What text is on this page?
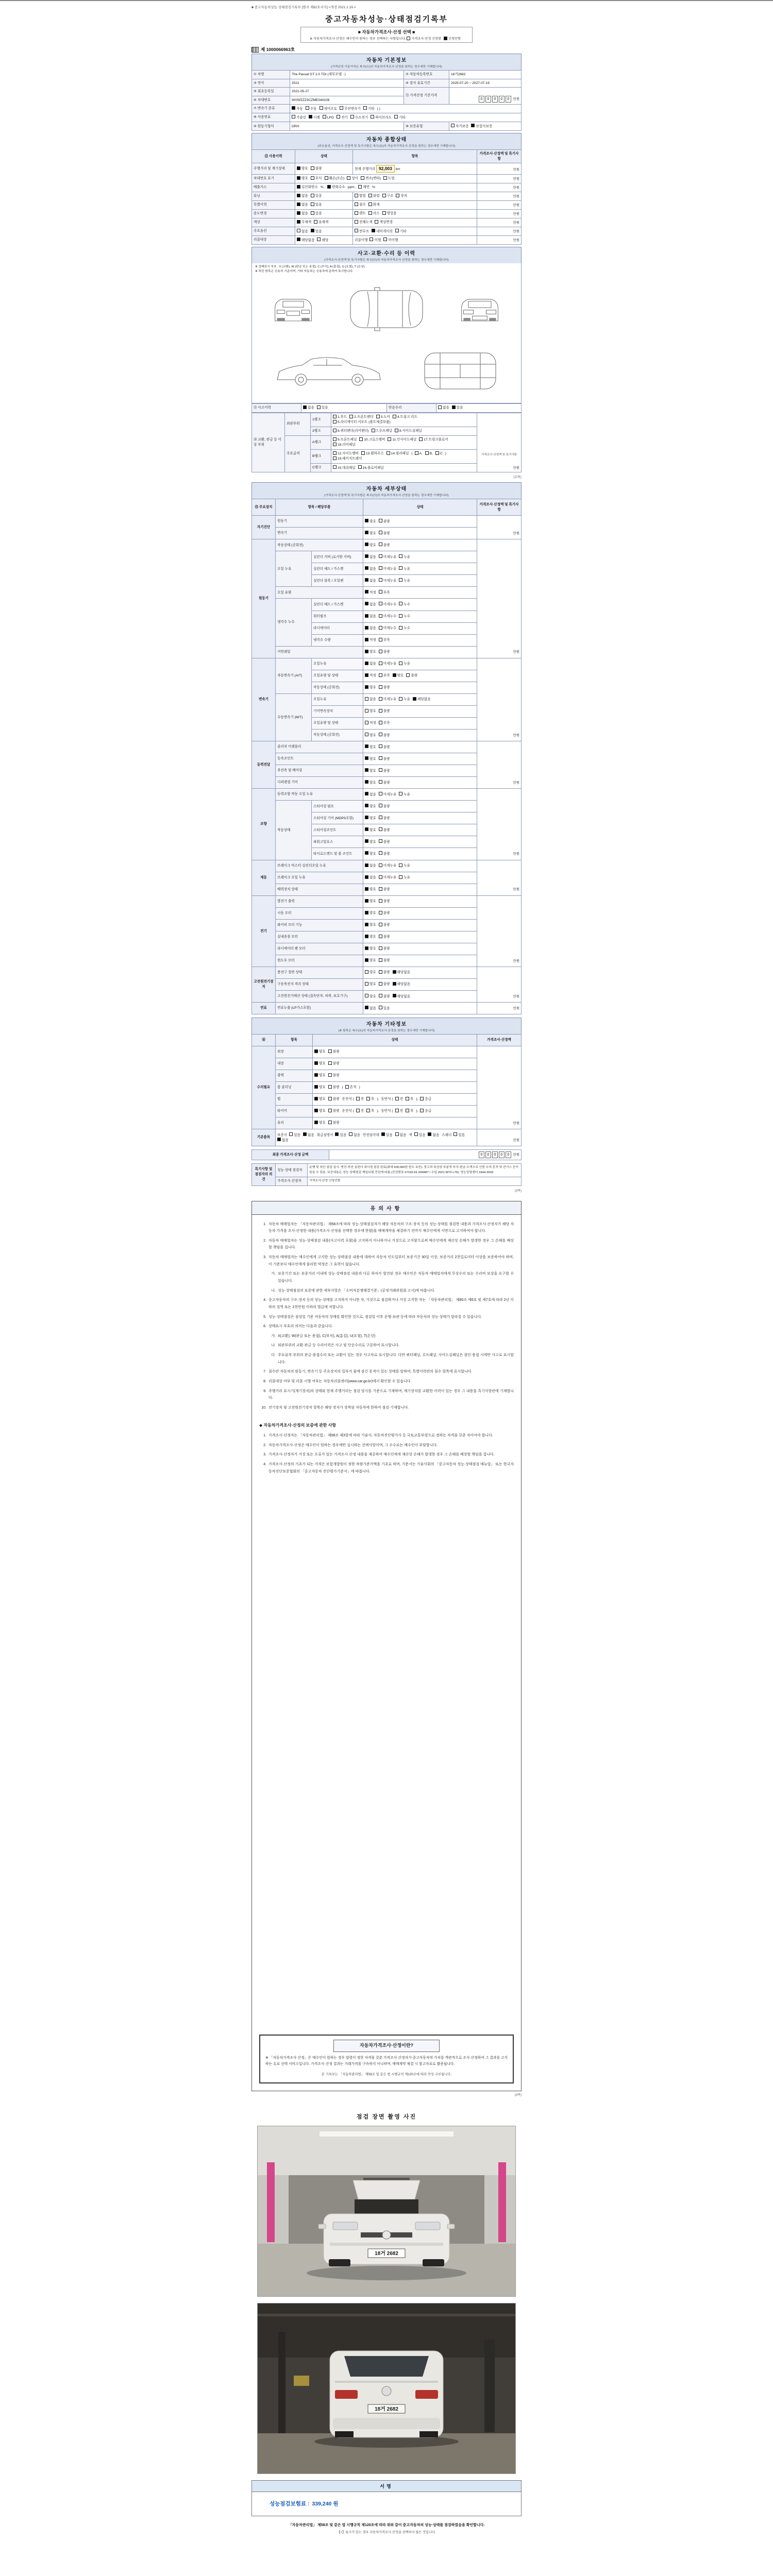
■ 중고자동차성능·상태점검기록부 [별지 제82호서식] <개정 2021.1.19.>
중고자동차성능·상태점검기록부
■ 자동차가격조사·산정 선택 ■
※ 자동차가격조사·산정은 매수인이 원하는 경우 선택하는 사항입니다. 가격조사·산정 신청함 신청안함
제 1000066963호
자동차 기본정보
(가격산정 기준가격은 복수(⑪)의 자동차가격조사·산정을 원하는 경우에만 기재합니다)
① 차명	The Passat GT 2.0 TDI (세부모델 : )	② 자동차등록번호	18거2682
③ 연식	2021	④ 검사 유효기간	2025-07-20 ~ 2027-07-19
⑤ 최초등록일	2021-05-27	⑪ 가격산정 기준가격	0 0 0 0 0 만원
⑥ 차대번호	WVWZZZ3CZME044108		
⑦ 변속기 종류	자동 수동 세미오토 무단변속기 기타 ( )		
⑧ 사용연료	가솔린 디젤 LPG 전기 수소전기 하이브리드 기타		
⑨ 원동기형식	DRH	⑩ 보증유형	자가보증 보험사보증
자동차 종합상태
(주요옵션, 가격조사·산정액 및 특기사항은 복수(⑫)의 자동차가격조사·산정을 원하는 경우에만 기재합니다)
⑫ 사용이력	상태	항목	가격조사·산정액 및 특기사항
주행거리 및 계기상태	양호 불량	현재 주행거리 92,003 km	만원
차대번호 표기	양호 부식 훼손(오손) 상이 변조(변타) 도말		만원
배출가스	일산화탄소 % , 탄화수소 ppm , 매연 %		만원
튜닝	없음 있음	합법 불법 구조 장치	만원
특별이력	없음 있음	침수 화재	만원
용도변경	없음 있음	렌트 리스 영업용	만원
색상	무채색 유채색	전체도색 색상변경	만원
주요옵션	없음 있음	썬루프 네비게이션 기타	만원
리콜대상	해당없음 해당	리콜이행 이행 미이행	만원
사고·교환·수리 등 이력
(가격조사·산정액 및 특기사항은 복수(⑭)의 자동차가격조사·산정을 원하는 경우에만 기재합니다)
※ 상태표시 부호 : X (교환), W (판금 또는 용접), C (부식), A (흠집), U (요철), T (손상)
※ 하단 항목은 승용차 기준이며, 기타 자동차는 승용차에 준하여 표시합니다.
⑬ 사고이력	없음 있음	단순수리	없음 있음
⑭ 교환, 판금 등 이상 부위	외판부위	1랭크	1.후드 2.프론트펜더 3.도어 4.트렁크 리드5.라디에이터 서포트 (볼트체결부품)	가격조사·산정액 및 특기사항
만원
		2랭크	6.쿼터펜더(리어펜더) 7.루프패널 8.사이드실패널	
	주요골격	A랭크	9.프론트패널 10.크로스멤버 11.인사이드패널 17.트렁크플로어18.리어패널	
		B랭크	12.사이드멤버 13.휠하우스 14.필러패널 ( A, B, C )19.패키지트레이	
		C랭크	15.대쉬패널 16.플로어패널	
(뒤쪽)
자동차 세부상태
(가격조사·산정액 및 특기사항은 복수(⑮)의 자동차가격조사·산정을 원하는 경우에만 기재합니다)
⑮ 주요장치	항목 / 해당부품		상태	가격조사·산정액 및 특기사항
자기진단	원동기		양호 불량	만원
	변속기		양호 불량	
원동기	작동상태 (공회전)		양호 불량	만원
	오일 누유	실린더 커버 (로커암 커버)	없음 미세누유 누유	
		실린더 헤드 / 가스켓	없음 미세누유 누유	
		실린더 블록 / 오일팬	없음 미세누유 누유	
	오일 유량		적정 부족	
	냉각수 누수	실린더 헤드 / 가스켓	없음 미세누수 누수	
		워터펌프	없음 미세누수 누수	
		라디에이터	없음 미세누수 누수	
		냉각수 수량	적정 부족	
	커먼레일		양호 불량	
변속기	자동변속기 (A/T)	오일누유	없음 미세누유 누유	만원
		오일유량 및 상태	적정 부족 양호 불량	
		작동상태 (공회전)	양호 불량	
	수동변속기 (M/T)	오일누유	없음 미세누유 누유 해당없음	
		기어변속장치	양호 불량	
		오일유량 및 상태	적정 부족	
		작동상태 (공회전)	양호 불량	
동력전달	클러치 어셈블리		양호 불량	만원
	등속조인트		양호 불량	
	추진축 및 베어링		양호 불량	
	디퍼렌셜 기어		양호 불량	
조향	동력조향 작동 오일 누유		없음 미세누유 누유	만원
	작동상태	스티어링 펌프	양호 불량	
		스티어링 기어 (MDPS포함)	양호 불량	
		스티어링조인트	양호 불량	
		파워고압호스	양호 불량	
		타이로드엔드 및 볼 조인트	양호 불량	
제동	브레이크 마스터 실린더오일 누유		없음 미세누유 누유	만원
	브레이크 오일 누유		없음 미세누유 누유	
	배력장치 상태		양호 불량	
전기	발전기 출력		양호 불량	만원
	시동 모터		양호 불량	
	와이퍼 모터 기능		양호 불량	
	실내송풍 모터		양호 불량	
	라디에이터 팬 모터		양호 불량	
	윈도우 모터		양호 불량	
고전원전기장치	충전구 절연 상태		양호 불량 해당없음	만원
	구동축전지 격리 상태		양호 불량 해당없음	
	고전원전기배선 상태 (접속단자, 피복, 보호기구)		양호 불량 해당없음	
연료	연료누출 (LP가스포함)		없음 있음	만원
자동차 기타정보
(※ 항목은 복수(⑯)의 자동차가격조사·산정을 원하는 경우에만 기재합니다)
⑯	항목	상태	가격조사·산정액
수리필요	외장	양호 불량	만원
	내장	양호 불량	
	광택	양호 불량	
	룸 클리닝	양호 불량 ( 흔적 )	
	휠	양호 불량 운전석 ( 전 후 ), 동반석 ( 전 후 ), 응급	
	타이어	양호 불량 운전석 ( 전 후 ), 동반석 ( 전 후 ), 응급	
	유리	양호 불량	
기본품목	보증서 있음 없음 취급설명서 있음 없음 안전삼각대 있음 없음 잭 있음 없음 스패너 있음없음		만원
최종 가격조사·산정 금액	0 0 0 0 0 만원
특기사항 및 점검자의 의견	성능·상태 점검자	운행 및 육안 점검 실시. 엔진·미션 실린더 내시경 점검 완료(최대 500,000원 한도 보증). 중고차 특성상 부분적 부식·판금·도색으로 인한 수리 흔적 및 잔기스 등이 있을 수 있음. 보증내용은 성능·상태점검 책임보험 증권에 따름 (증권번호 07192-61-099487 / 수입 2021 W70 L70). 성능상담센터 1644-3933
	가격조사·산정자	가격조사·산정 신청안함
(3쪽)
유의사항
1. 자동차 매매업자는 「자동차관리법」 제58조에 따라 성능·상태점검자가 해당 자동차의 구조·장치 등의 성능·상태를 점검한 내용과 가격조사·산정자가 해당 자동차 가격을 조사·산정한 내용(가격조사·산정을 선택한 경우에 한함)을 매매계약을 체결하기 전까지 매수인에게 서면으로 고지하여야 합니다.
2. 자동차 매매업자는 성능·상태점검 내용(사고이력 포함)을 고지하지 아니하거나 거짓으로 고지함으로써 매수인에게 재산상 손해가 발생한 경우 그 손해를 배상할 책임을 집니다.
3. 자동차 매매업자는 매수인에게 고지한 성능·상태점검 내용에 대하여 자동차 인도일부터 보증기간 30일 이상, 보증거리 2천킬로미터 이상을 보증하여야 하며, 이 기준보다 매수인에게 불리한 약정은 그 효력이 없습니다.
가. 보증기간 또는 보증거리 이내에 성능·상태점검 내용과 다른 하자가 발견된 경우 매수인은 자동차 매매업자에게 무상수리 또는 수리비 보상을 요구할 수 있습니다.
나. 성능·상태점검의 보증에 관한 세부사항은 「소비자분쟁해결기준」(공정거래위원회 고시)에 따릅니다.
4. 중고자동차의 구조·장치 등의 성능·상태를 고지하지 아니한 자, 거짓으로 점검하거나 거짓 고지한 자는 「자동차관리법」 제80조 제6호 및 제7호에 따라 2년 이하의 징역 또는 2천만원 이하의 벌금에 처합니다.
5. 성능·상태점검은 점검일 기준 자동차의 상태를 확인한 것으로, 점검일 이후 운행·보관 등에 따라 자동차의 성능·상태가 달라질 수 있습니다.
6. 상태표시 부호의 의미는 다음과 같습니다.
가. X(교환), W(판금 또는 용접), C(부식), A(흠집), U(요철), T(손상)
나. 외판부위의 교환·판금 등 수리이력은 사고 및 단순수리로 구분하여 표시합니다.
다. 주요골격 부위의 판금·용접수리 또는 교환이 있는 경우 사고차로 표시합니다. 다만 쿼터패널, 루프패널, 사이드실패널은 절단·용접 시에만 사고로 표시합니다.
7. 침수란 자동차의 원동기, 변속기 등 주요장치의 일부가 물에 잠긴 흔적이 있는 상태를 말하며, 특별이력란의 침수 항목에 표시합니다.
8. 리콜대상 여부 및 리콜 시행 여부는 자동차리콜센터(www.car.go.kr)에서 확인할 수 있습니다.
9. 주행거리 표시기(계기장치)의 상태와 현재 주행거리는 점검 당시를 기준으로 기재하며, 계기장치를 교환한 이력이 있는 경우 그 내용을 특기사항란에 기재합니다.
10. 전기장치 및 고전원전기장치 항목은 해당 장치가 장착된 자동차에 한하여 점검·기재합니다.
◆ 자동차가격조사·산정의 보증에 관한 사항
1. 가격조사·산정자는 「자동차관리법」 제58조 제3항에 따라 기술사, 자동차진단평가사 등 국토교통부령으로 정하는 자격을 갖춘 자이어야 합니다.
2. 자동차가격조사·산정은 매수인이 원하는 경우에만 실시하는 선택사항이며, 그 수수료는 매수인이 부담합니다.
3. 가격조사·산정자가 거짓 또는 오류가 있는 가격조사·산정 내용을 제공하여 매수인에게 재산상 손해가 발생한 경우 그 손해를 배상할 책임을 집니다.
4. 가격조사·산정의 기초가 되는 가격은 보험개발원이 정한 차량기준가액을 기초로 하며, 기준서는 기술사회의 「중고자동차 성능·상태점검 매뉴얼」 또는 한국자동차진단보증협회의 「중고자동차 진단평가기준서」에 따릅니다.
자동차가격조사·산정이란?
※ 「자동차가격조사·산정」은 매수인이 원하는 경우 법령이 정한 자격을 갖춘 가격조사·산정자가 중고자동차의 가치를 객관적으로 조사·산정하여 그 결과를 고지하는 유료 선택 서비스입니다. 가격조사·산정 결과는 거래가격을 구속하지 아니하며, 매매계약 체결 시 참고자료로 활용됩니다.
본 기록부는 「자동차관리법」 제58조 및 같은 법 시행규칙 제120조에 따라 작성·교부됩니다.
(4쪽)
점검 장면 촬영 사진
18거 2682
18거 2682
서명
성능점검보험료 : 339,240 원
「자동차관리법」 제58조 및 같은 법 시행규칙 제120조에 따라 위와 같이 중고자동차의 성능·상태를 점검하였음을 확인합니다.
【√】표시가 있는 경우 자동차가격조사·산정을 선택하지 않은 것입니다.
